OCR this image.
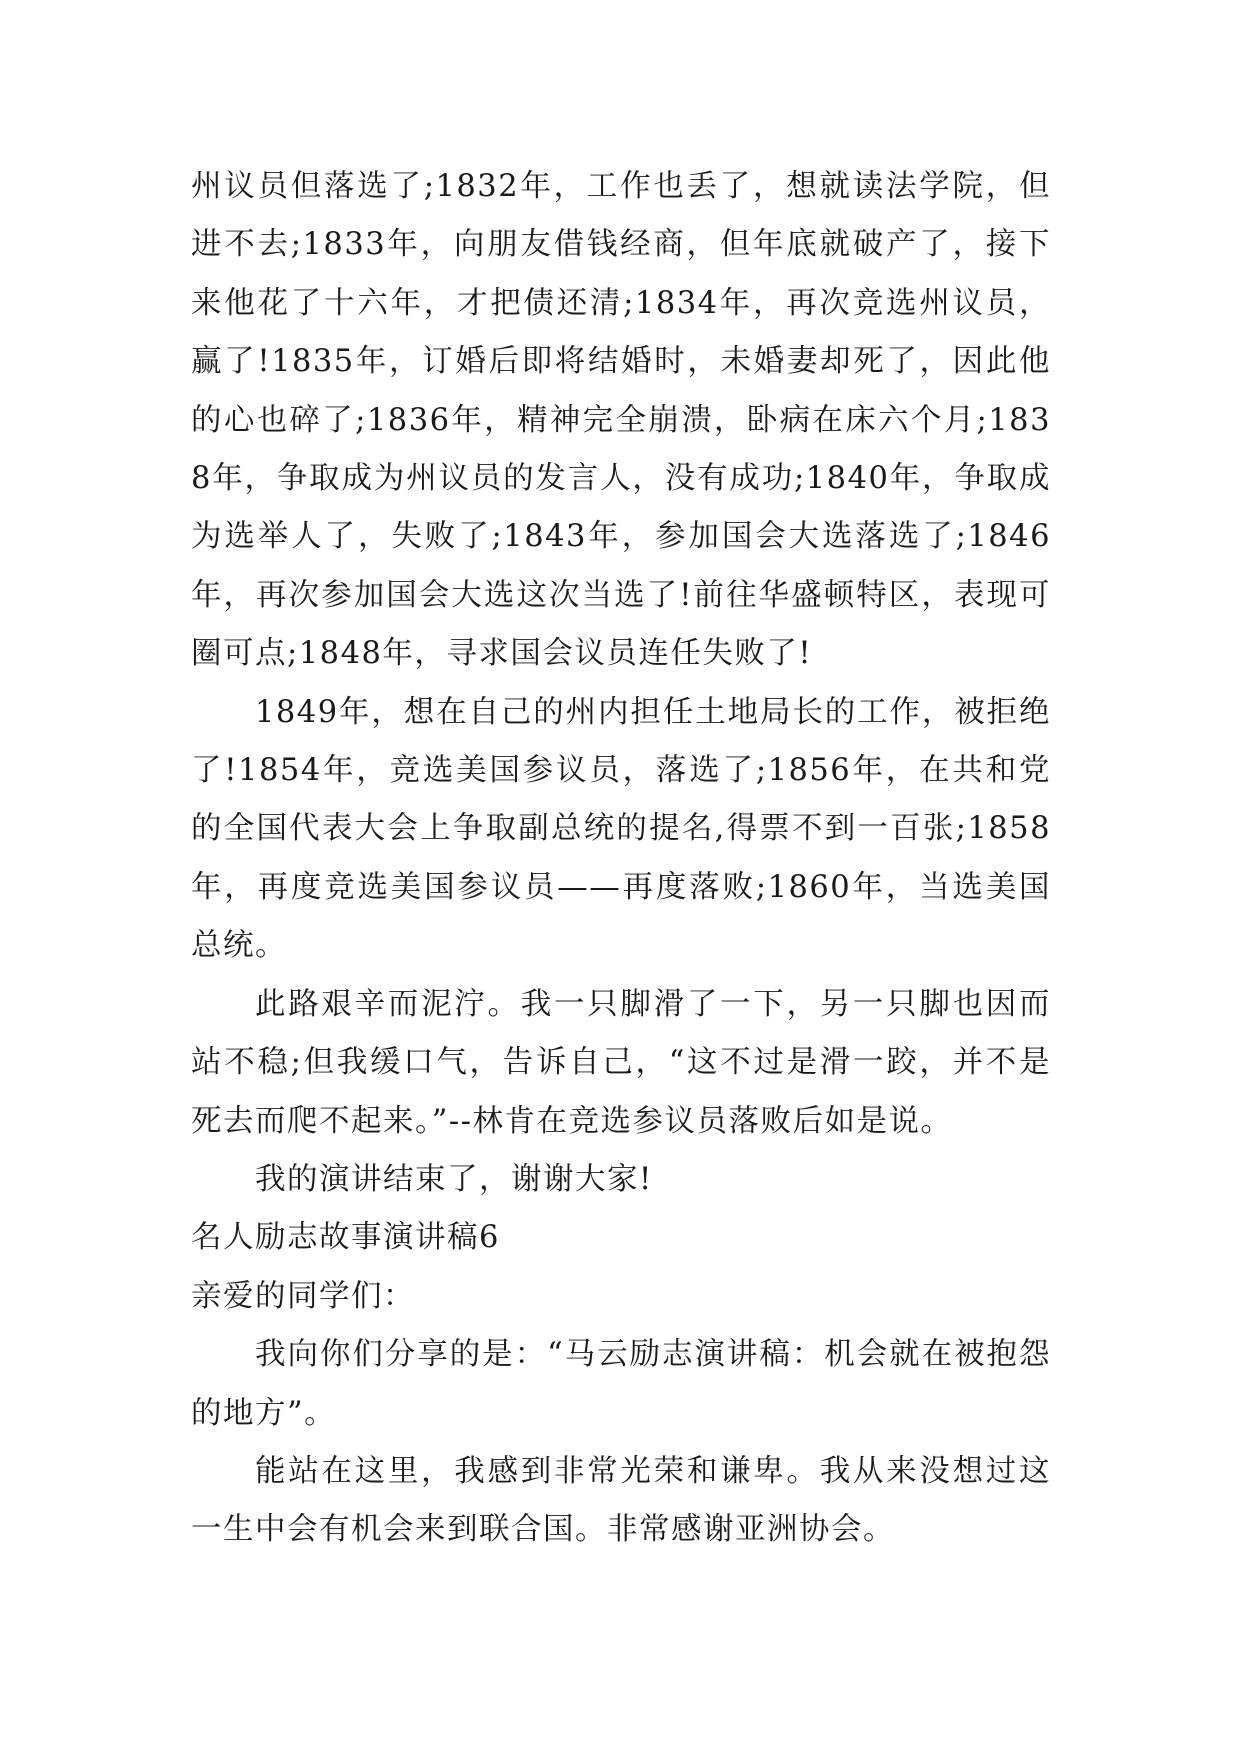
州议员但落选了;1832年，工作也丢了，想就读法学院，但进不去;1833年，向朋友借钱经商，但年底就破产了，接下来他花了十六年，才把债还清;1834年，再次竞选州议员，赢了!1835年，订婚后即将结婚时，未婚妻却死了，因此他的心也碎了;1836年，精神完全崩溃，卧病在床六个月;1838年，争取成为州议员的发言人，没有成功;1840年，争取成为选举人了，失败了;1843年，参加国会大选落选了;1846年，再次参加国会大选这次当选了!前往华盛顿特区，表现可圈可点;1848年，寻求国会议员连任失败了!

1849年，想在自己的州内担任土地局长的工作，被拒绝了!1854年，竞选美国参议员，落选了;1856年，在共和党的全国代表大会上争取副总统的提名,得票不到一百张;1858年，再度竞选美国参议员——再度落败;1860年，当选美国总统。

此路艰辛而泥泞。我一只脚滑了一下，另一只脚也因而站不稳;但我缓口气，告诉自己，“这不过是滑一跤，并不是死去而爬不起来。”--林肯在竞选参议员落败后如是说。

我的演讲结束了，谢谢大家!

名人励志故事演讲稿6

亲爱的同学们：

我向你们分享的是：“马云励志演讲稿：机会就在被抱怨的地方”。

能站在这里，我感到非常光荣和谦卑。我从来没想过这一生中会有机会来到联合国。非常感谢亚洲协会。
